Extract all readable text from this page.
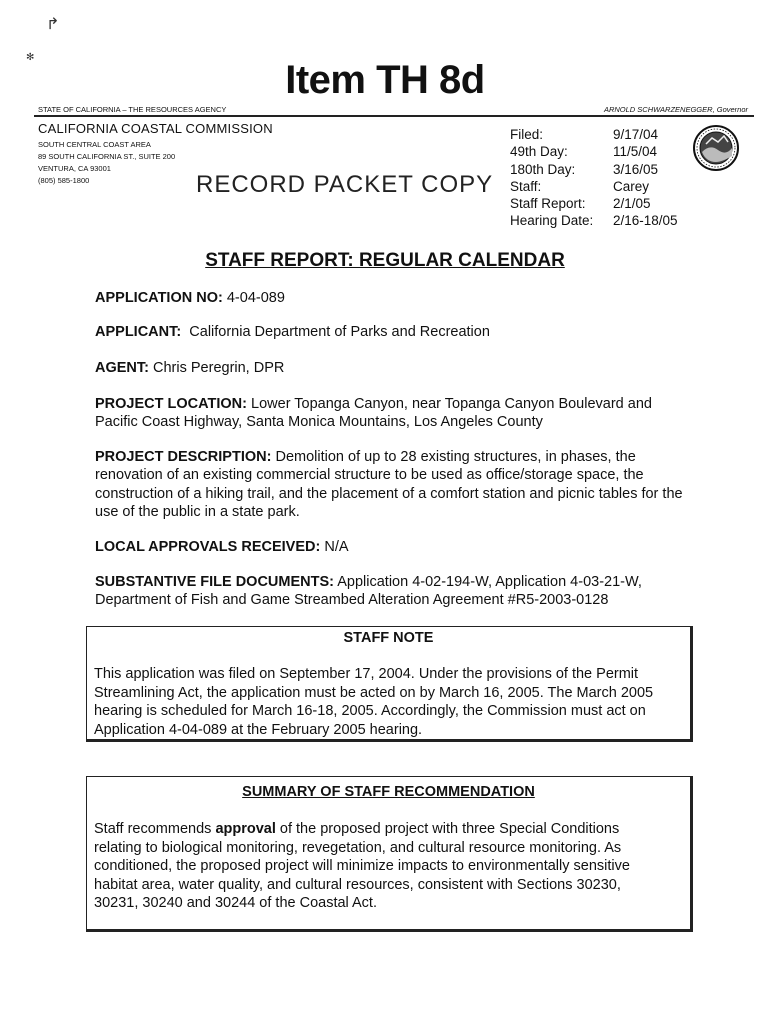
↱
✻
Item TH 8d
STATE OF CALIFORNIA – THE RESOURCES AGENCY	ARNOLD SCHWARZENEGGER, Governor
CALIFORNIA COASTAL COMMISSION
SOUTH CENTRAL COAST AREA
89 SOUTH CALIFORNIA ST., SUITE 200
VENTURA, CA 93001
(805) 585-1800	RECORD PACKET COPY
Filed:	9/17/04
49th Day:	11/5/04
180th Day:	3/16/05
Staff:	Carey
Staff Report:	2/1/05
Hearing Date:	2/16-18/05
STAFF REPORT: REGULAR CALENDAR
APPLICATION NO: 4-04-089
APPLICANT: California Department of Parks and Recreation
AGENT: Chris Peregrin, DPR
PROJECT LOCATION: Lower Topanga Canyon, near Topanga Canyon Boulevard and Pacific Coast Highway, Santa Monica Mountains, Los Angeles County
PROJECT DESCRIPTION: Demolition of up to 28 existing structures, in phases, the renovation of an existing commercial structure to be used as office/storage space, the construction of a hiking trail, and the placement of a comfort station and picnic tables for the use of the public in a state park.
LOCAL APPROVALS RECEIVED: N/A
SUBSTANTIVE FILE DOCUMENTS: Application 4-02-194-W, Application 4-03-21-W, Department of Fish and Game Streambed Alteration Agreement #R5-2003-0128
STAFF NOTE
This application was filed on September 17, 2004. Under the provisions of the Permit
Streamlining Act, the application must be acted on by March 16, 2005. The March 2005
hearing is scheduled for March 16-18, 2005. Accordingly, the Commission must act on
Application 4-04-089 at the February 2005 hearing.
SUMMARY OF STAFF RECOMMENDATION
Staff recommends approval of the proposed project with three Special Conditions relating to biological monitoring, revegetation, and cultural resource monitoring. As conditioned, the proposed project will minimize impacts to environmentally sensitive habitat area, water quality, and cultural resources, consistent with Sections 30230, 30231, 30240 and 30244 of the Coastal Act.
